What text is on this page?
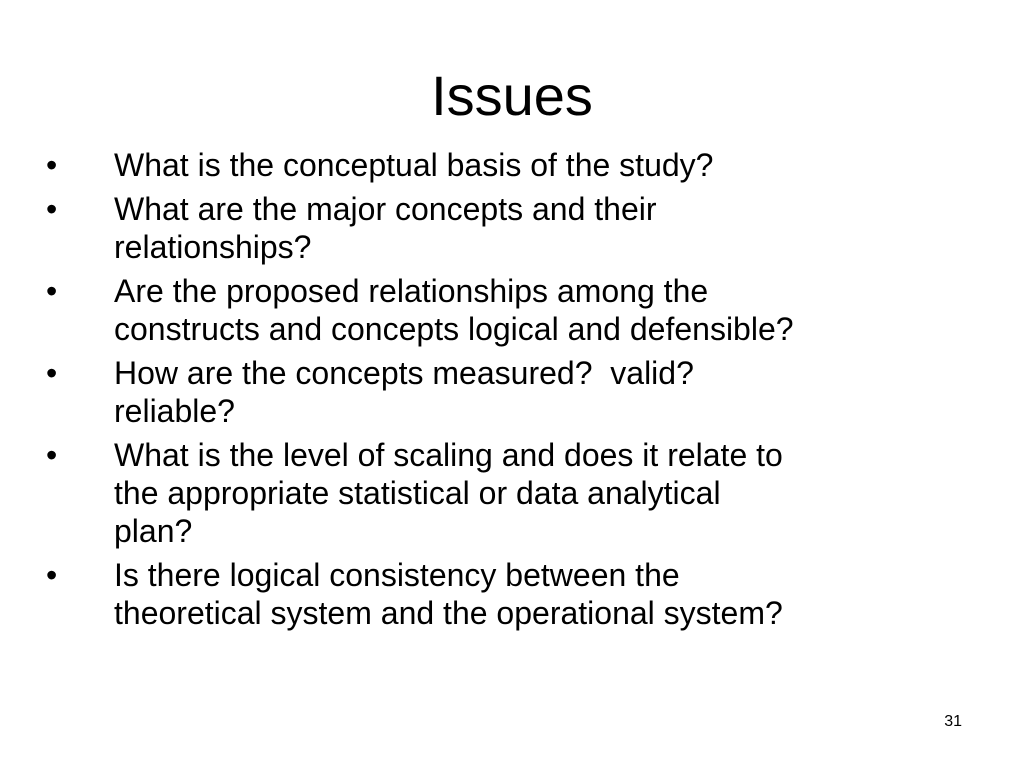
Issues
• What is the conceptual basis of the study?
• What are the major concepts and their
relationships?
• Are the proposed relationships among the
constructs and concepts logical and defensible?
• How are the concepts measured?  valid?
reliable?
• What is the level of scaling and does it relate to
the appropriate statistical or data analytical
plan?
• Is there logical consistency between the
theoretical system and the operational system?
31
